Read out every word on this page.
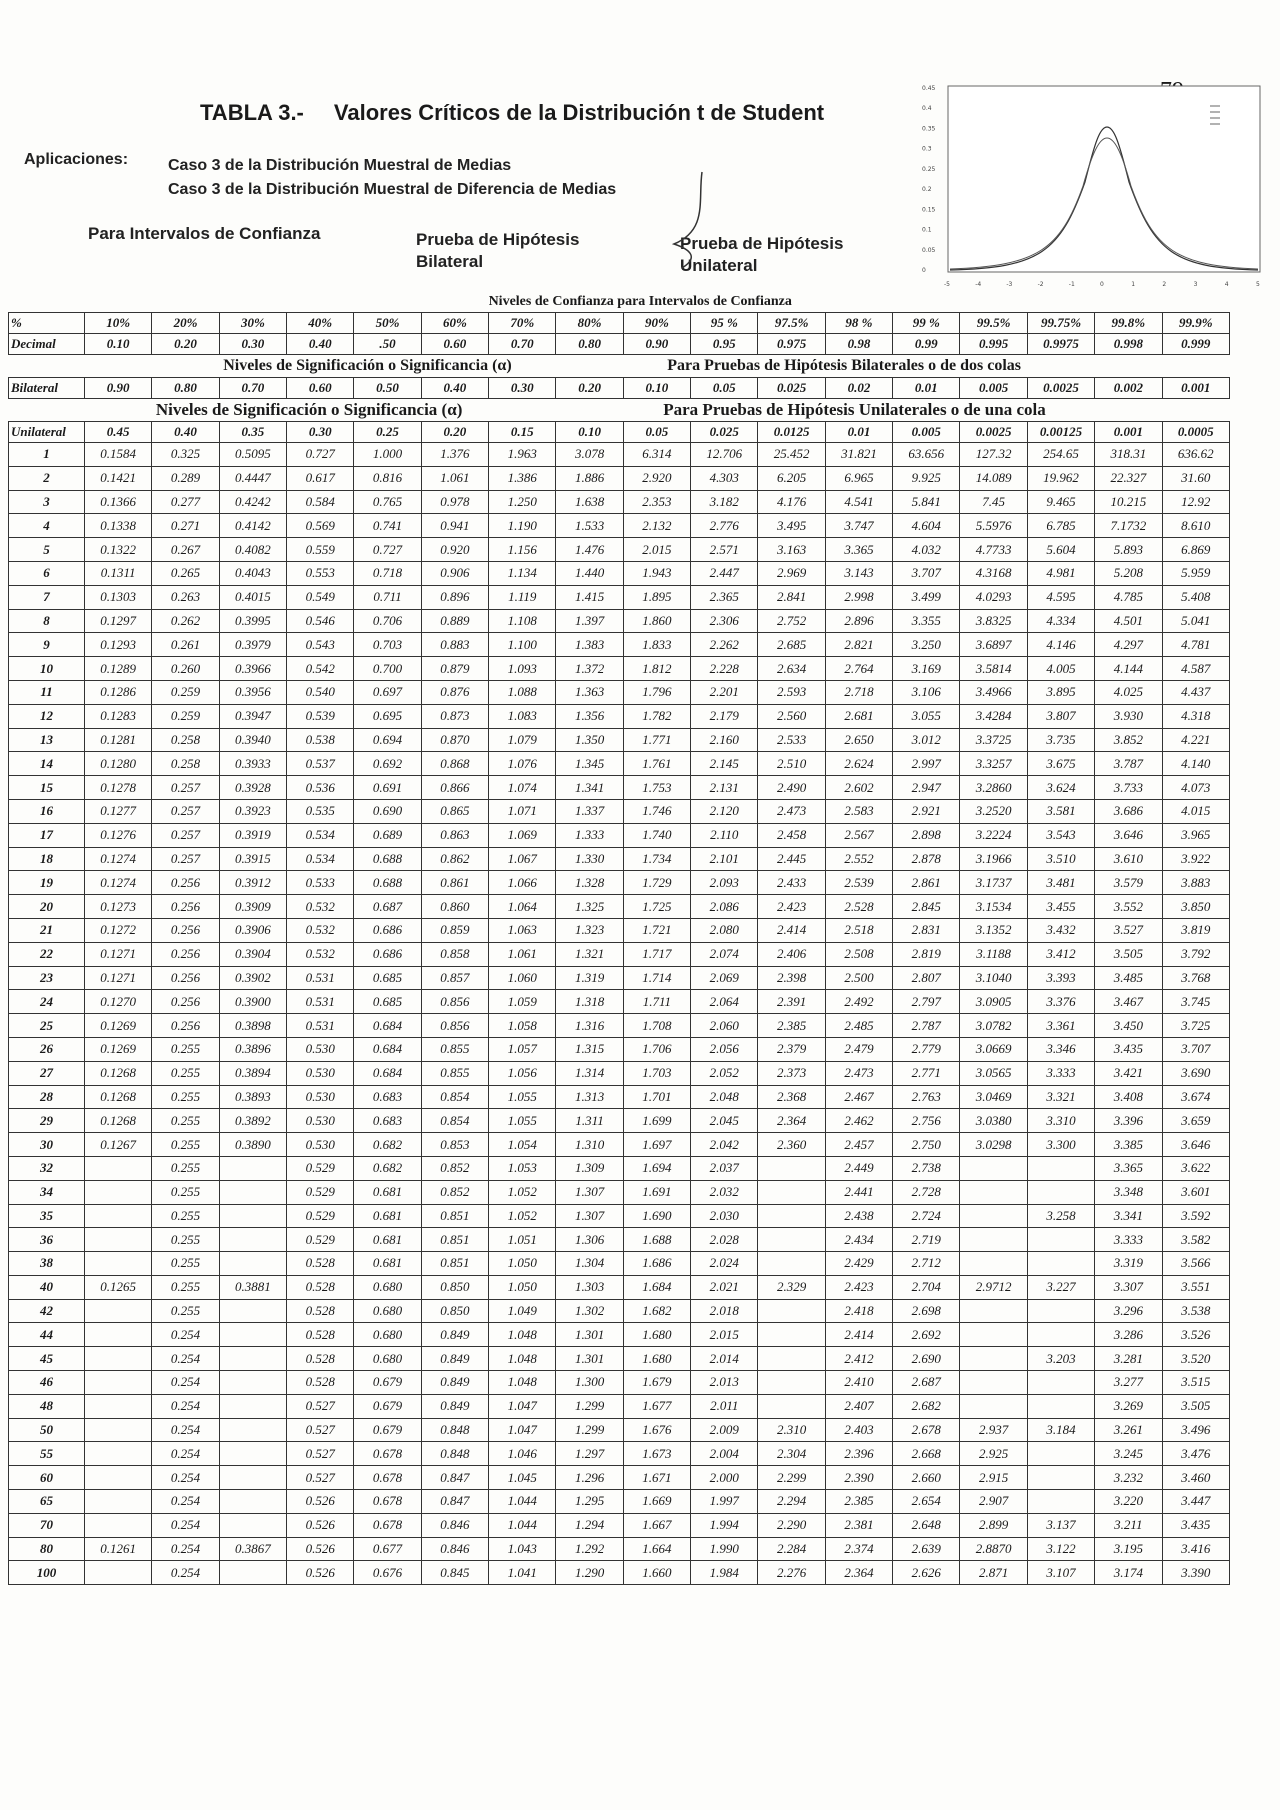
TABLA 3.- Valores Críticos de la Distribución t de Student
Aplicaciones: Caso 3 de la Distribución Muestral de Medias
Caso 3 de la Distribución Muestral de Diferencia de Medias
Para Intervalos de Confianza	Prueba de Hipótesis
Bilateral
Prueba de Hipótesis
Unilateral
0.45
0.4
0.35
0.3
0.25
0.2
0.15
0.1
0.05
0
-5	-4	-3	-2	-1	0	1	2	3	4	5
							Niveles de Confianza para Intervalos de Confianza										
%	10%	20%	30%	40%	50%	60%	70%	80%	90%	95 %	97.5%	98 %	99 %	99.5%	99.75%	99.8%	99.9%
Decimal	0.10	0.20	0.30	0.40	.50	0.60	0.70	0.80	0.90	0.95	0.975	0.98	0.99	0.995	0.9975	0.998	0.999
			Niveles de Significación o Significancia (α)						Para Pruebas de Hipótesis Bilaterales o de dos colas								
Bilateral	0.90	0.80	0.70	0.60	0.50	0.40	0.30	0.20	0.10	0.05	0.025	0.02	0.01	0.005	0.0025	0.002	0.001
		Niveles de Significación o Significancia (α)							Para Pruebas de Hipótesis Unilaterales o de una cola								
Unilateral	0.45	0.40	0.35	0.30	0.25	0.20	0.15	0.10	0.05	0.025	0.0125	0.01	0.005	0.0025	0.00125	0.001	0.0005
1	0.1584	0.325	0.5095	0.727	1.000	1.376	1.963	3.078	6.314	12.706	25.452	31.821	63.656	127.32	254.65	318.31	636.62
2	0.1421	0.289	0.4447	0.617	0.816	1.061	1.386	1.886	2.920	4.303	6.205	6.965	9.925	14.089	19.962	22.327	31.60
3	0.1366	0.277	0.4242	0.584	0.765	0.978	1.250	1.638	2.353	3.182	4.176	4.541	5.841	7.45	9.465	10.215	12.92
4	0.1338	0.271	0.4142	0.569	0.741	0.941	1.190	1.533	2.132	2.776	3.495	3.747	4.604	5.5976	6.785	7.1732	8.610
5	0.1322	0.267	0.4082	0.559	0.727	0.920	1.156	1.476	2.015	2.571	3.163	3.365	4.032	4.7733	5.604	5.893	6.869
6	0.1311	0.265	0.4043	0.553	0.718	0.906	1.134	1.440	1.943	2.447	2.969	3.143	3.707	4.3168	4.981	5.208	5.959
7	0.1303	0.263	0.4015	0.549	0.711	0.896	1.119	1.415	1.895	2.365	2.841	2.998	3.499	4.0293	4.595	4.785	5.408
8	0.1297	0.262	0.3995	0.546	0.706	0.889	1.108	1.397	1.860	2.306	2.752	2.896	3.355	3.8325	4.334	4.501	5.041
9	0.1293	0.261	0.3979	0.543	0.703	0.883	1.100	1.383	1.833	2.262	2.685	2.821	3.250	3.6897	4.146	4.297	4.781
10	0.1289	0.260	0.3966	0.542	0.700	0.879	1.093	1.372	1.812	2.228	2.634	2.764	3.169	3.5814	4.005	4.144	4.587
11	0.1286	0.259	0.3956	0.540	0.697	0.876	1.088	1.363	1.796	2.201	2.593	2.718	3.106	3.4966	3.895	4.025	4.437
12	0.1283	0.259	0.3947	0.539	0.695	0.873	1.083	1.356	1.782	2.179	2.560	2.681	3.055	3.4284	3.807	3.930	4.318
13	0.1281	0.258	0.3940	0.538	0.694	0.870	1.079	1.350	1.771	2.160	2.533	2.650	3.012	3.3725	3.735	3.852	4.221
14	0.1280	0.258	0.3933	0.537	0.692	0.868	1.076	1.345	1.761	2.145	2.510	2.624	2.997	3.3257	3.675	3.787	4.140
15	0.1278	0.257	0.3928	0.536	0.691	0.866	1.074	1.341	1.753	2.131	2.490	2.602	2.947	3.2860	3.624	3.733	4.073
16	0.1277	0.257	0.3923	0.535	0.690	0.865	1.071	1.337	1.746	2.120	2.473	2.583	2.921	3.2520	3.581	3.686	4.015
17	0.1276	0.257	0.3919	0.534	0.689	0.863	1.069	1.333	1.740	2.110	2.458	2.567	2.898	3.2224	3.543	3.646	3.965
18	0.1274	0.257	0.3915	0.534	0.688	0.862	1.067	1.330	1.734	2.101	2.445	2.552	2.878	3.1966	3.510	3.610	3.922
19	0.1274	0.256	0.3912	0.533	0.688	0.861	1.066	1.328	1.729	2.093	2.433	2.539	2.861	3.1737	3.481	3.579	3.883
20	0.1273	0.256	0.3909	0.532	0.687	0.860	1.064	1.325	1.725	2.086	2.423	2.528	2.845	3.1534	3.455	3.552	3.850
21	0.1272	0.256	0.3906	0.532	0.686	0.859	1.063	1.323	1.721	2.080	2.414	2.518	2.831	3.1352	3.432	3.527	3.819
22	0.1271	0.256	0.3904	0.532	0.686	0.858	1.061	1.321	1.717	2.074	2.406	2.508	2.819	3.1188	3.412	3.505	3.792
23	0.1271	0.256	0.3902	0.531	0.685	0.857	1.060	1.319	1.714	2.069	2.398	2.500	2.807	3.1040	3.393	3.485	3.768
24	0.1270	0.256	0.3900	0.531	0.685	0.856	1.059	1.318	1.711	2.064	2.391	2.492	2.797	3.0905	3.376	3.467	3.745
25	0.1269	0.256	0.3898	0.531	0.684	0.856	1.058	1.316	1.708	2.060	2.385	2.485	2.787	3.0782	3.361	3.450	3.725
26	0.1269	0.255	0.3896	0.530	0.684	0.855	1.057	1.315	1.706	2.056	2.379	2.479	2.779	3.0669	3.346	3.435	3.707
27	0.1268	0.255	0.3894	0.530	0.684	0.855	1.056	1.314	1.703	2.052	2.373	2.473	2.771	3.0565	3.333	3.421	3.690
28	0.1268	0.255	0.3893	0.530	0.683	0.854	1.055	1.313	1.701	2.048	2.368	2.467	2.763	3.0469	3.321	3.408	3.674
29	0.1268	0.255	0.3892	0.530	0.683	0.854	1.055	1.311	1.699	2.045	2.364	2.462	2.756	3.0380	3.310	3.396	3.659
30	0.1267	0.255	0.3890	0.530	0.682	0.853	1.054	1.310	1.697	2.042	2.360	2.457	2.750	3.0298	3.300	3.385	3.646
32		0.255		0.529	0.682	0.852	1.053	1.309	1.694	2.037		2.449	2.738			3.365	3.622
34		0.255		0.529	0.681	0.852	1.052	1.307	1.691	2.032		2.441	2.728			3.348	3.601
35		0.255		0.529	0.681	0.851	1.052	1.307	1.690	2.030		2.438	2.724		3.258	3.341	3.592
36		0.255		0.529	0.681	0.851	1.051	1.306	1.688	2.028		2.434	2.719			3.333	3.582
38		0.255		0.528	0.681	0.851	1.050	1.304	1.686	2.024		2.429	2.712			3.319	3.566
40	0.1265	0.255	0.3881	0.528	0.680	0.850	1.050	1.303	1.684	2.021	2.329	2.423	2.704	2.9712	3.227	3.307	3.551
42		0.255		0.528	0.680	0.850	1.049	1.302	1.682	2.018		2.418	2.698			3.296	3.538
44		0.254		0.528	0.680	0.849	1.048	1.301	1.680	2.015		2.414	2.692			3.286	3.526
45		0.254		0.528	0.680	0.849	1.048	1.301	1.680	2.014		2.412	2.690		3.203	3.281	3.520
46		0.254		0.528	0.679	0.849	1.048	1.300	1.679	2.013		2.410	2.687			3.277	3.515
48		0.254		0.527	0.679	0.849	1.047	1.299	1.677	2.011		2.407	2.682			3.269	3.505
50		0.254		0.527	0.679	0.848	1.047	1.299	1.676	2.009	2.310	2.403	2.678	2.937	3.184	3.261	3.496
55		0.254		0.527	0.678	0.848	1.046	1.297	1.673	2.004	2.304	2.396	2.668	2.925		3.245	3.476
60		0.254		0.527	0.678	0.847	1.045	1.296	1.671	2.000	2.299	2.390	2.660	2.915		3.232	3.460
65		0.254		0.526	0.678	0.847	1.044	1.295	1.669	1.997	2.294	2.385	2.654	2.907		3.220	3.447
70		0.254		0.526	0.678	0.846	1.044	1.294	1.667	1.994	2.290	2.381	2.648	2.899	3.137	3.211	3.435
80	0.1261	0.254	0.3867	0.526	0.677	0.846	1.043	1.292	1.664	1.990	2.284	2.374	2.639	2.8870	3.122	3.195	3.416
100		0.254		0.526	0.676	0.845	1.041	1.290	1.660	1.984	2.276	2.364	2.626	2.871	3.107	3.174	3.390
